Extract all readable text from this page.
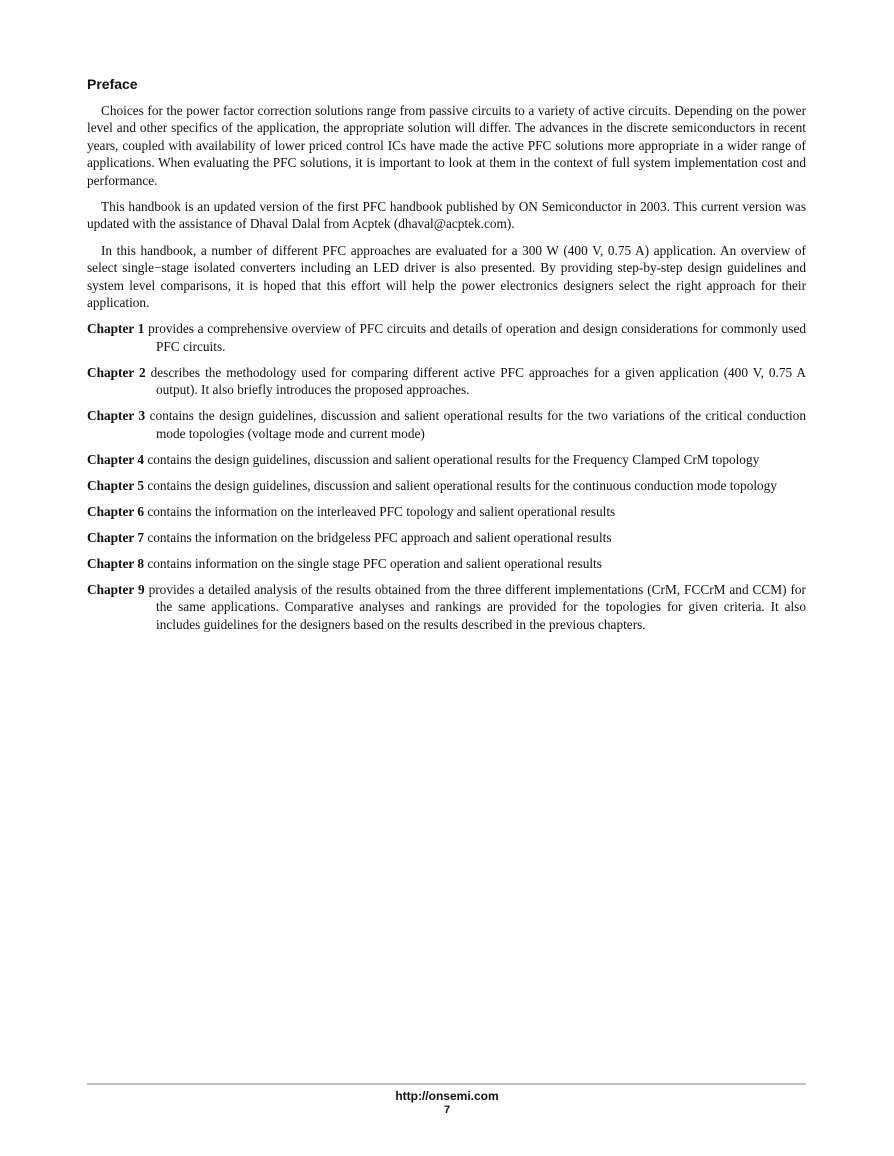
Preface

Choices for the power factor correction solutions range from passive circuits to a variety of active circuits. Depending on the power level and other specifics of the application, the appropriate solution will differ. The advances in the discrete semiconductors in recent years, coupled with availability of lower priced control ICs have made the active PFC solutions more appropriate in a wider range of applications. When evaluating the PFC solutions, it is important to look at them in the context of full system implementation cost and performance.

This handbook is an updated version of the first PFC handbook published by ON Semiconductor in 2003. This current version was updated with the assistance of Dhaval Dalal from Acptek (dhaval@acptek.com).

In this handbook, a number of different PFC approaches are evaluated for a 300 W (400 V, 0.75 A) application. An overview of select single−stage isolated converters including an LED driver is also presented. By providing step-by-step design guidelines and system level comparisons, it is hoped that this effort will help the power electronics designers select the right approach for their application.

Chapter 1 provides a comprehensive overview of PFC circuits and details of operation and design considerations for commonly used PFC circuits.

Chapter 2 describes the methodology used for comparing different active PFC approaches for a given application (400 V, 0.75 A output). It also briefly introduces the proposed approaches.

Chapter 3 contains the design guidelines, discussion and salient operational results for the two variations of the critical conduction mode topologies (voltage mode and current mode)

Chapter 4 contains the design guidelines, discussion and salient operational results for the Frequency Clamped CrM topology

Chapter 5 contains the design guidelines, discussion and salient operational results for the continuous conduction mode topology

Chapter 6 contains the information on the interleaved PFC topology and salient operational results

Chapter 7 contains the information on the bridgeless PFC approach and salient operational results

Chapter 8 contains information on the single stage PFC operation and salient operational results

Chapter 9 provides a detailed analysis of the results obtained from the three different implementations (CrM, FCCrM and CCM) for the same applications. Comparative analyses and rankings are provided for the topologies for given criteria. It also includes guidelines for the designers based on the results described in the previous chapters.

http://onsemi.com
7
